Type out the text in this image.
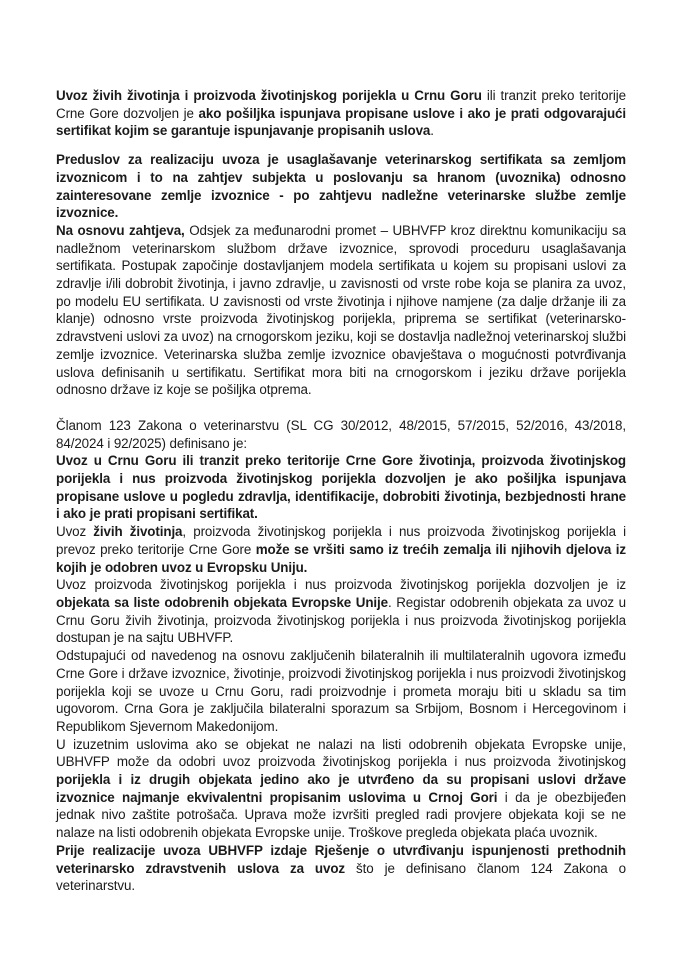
Uvoz živih životinja i proizvoda životinjskog porijekla u Crnu Goru ili tranzit preko teritorije Crne Gore dozvoljen je ako pošiljka ispunjava propisane uslove i ako je prati odgovarajući sertifikat kojim se garantuje ispunjavanje propisanih uslova.

Preduslov za realizaciju uvoza je usaglašavanje veterinarskog sertifikata sa zemljom izvoznicom i to na zahtjev subjekta u poslovanju sa hranom (uvoznika) odnosno zainteresovane zemlje izvoznice - po zahtjevu nadležne veterinarske službe zemlje izvoznice.

Na osnovu zahtjeva, Odsjek za međunarodni promet – UBHVFP kroz direktnu komunikaciju sa nadležnom veterinarskom službom države izvoznice, sprovodi proceduru usaglašavanja sertifikata. Postupak započinje dostavljanjem modela sertifikata u kojem su propisani uslovi za zdravlje i/ili dobrobit životinja, i javno zdravlje, u zavisnosti od vrste robe koja se planira za uvoz, po modelu EU sertifikata. U zavisnosti od vrste životinja i njihove namjene (za dalje držanje ili za klanje) odnosno vrste proizvoda životinjskog porijekla, priprema se sertifikat (veterinarsko-zdravstveni uslovi za uvoz) na crnogorskom jeziku, koji se dostavlja nadležnoj veterinarskoj službi zemlje izvoznice. Veterinarska služba zemlje izvoznice obavještava o mogućnosti potvrđivanja uslova definisanih u sertifikatu. Sertifikat mora biti na crnogorskom i jeziku države porijekla odnosno države iz koje se pošiljka otprema.

Članom 123 Zakona o veterinarstvu (SL CG 30/2012, 48/2015, 57/2015, 52/2016, 43/2018, 84/2024 i 92/2025) definisano je:

Uvoz u Crnu Goru ili tranzit preko teritorije Crne Gore životinja, proizvoda životinjskog porijekla i nus proizvoda životinjskog porijekla dozvoljen je ako pošiljka ispunjava propisane uslove u pogledu zdravlja, identifikacije, dobrobiti životinja, bezbjednosti hrane i ako je prati propisani sertifikat.

Uvoz živih životinja, proizvoda životinjskog porijekla i nus proizvoda životinjskog porijekla i prevoz preko teritorije Crne Gore može se vršiti samo iz trećih zemalja ili njihovih djelova iz kojih je odobren uvoz u Evropsku Uniju.

Uvoz proizvoda životinjskog porijekla i nus proizvoda životinjskog porijekla dozvoljen je iz objekata sa liste odobrenih objekata Evropske Unije. Registar odobrenih objekata za uvoz u Crnu Goru živih životinja, proizvoda životinjskog porijekla i nus proizvoda životinjskog porijekla dostupan je na sajtu UBHVFP.

Odstupajući od navedenog na osnovu zaključenih bilateralnih ili multilateralnih ugovora između Crne Gore i države izvoznice, životinje, proizvodi životinjskog porijekla i nus proizvodi životinjskog porijekla koji se uvoze u Crnu Goru, radi proizvodnje i prometa moraju biti u skladu sa tim ugovorom. Crna Gora je zaključila bilateralni sporazum sa Srbijom, Bosnom i Hercegovinom i Republikom Sjevernom Makedonijom.

U izuzetnim uslovima ako se objekat ne nalazi na listi odobrenih objekata Evropske unije, UBHVFP može da odobri uvoz proizvoda životinjskog porijekla i nus proizvoda životinjskog porijekla i iz drugih objekata jedino ako je utvrđeno da su propisani uslovi države izvoznice najmanje ekvivalentni propisanim uslovima u Crnoj Gori i da je obezbijeđen jednak nivo zaštite potrošača. Uprava može izvršiti pregled radi provjere objekata koji se ne nalaze na listi odobrenih objekata Evropske unije. Troškove pregleda objekata plaća uvoznik.

Prije realizacije uvoza UBHVFP izdaje Rješenje o utvrđivanju ispunjenosti prethodnih veterinarsko zdravstvenih uslova za uvoz što je definisano članom 124 Zakona o veterinarstvu.
